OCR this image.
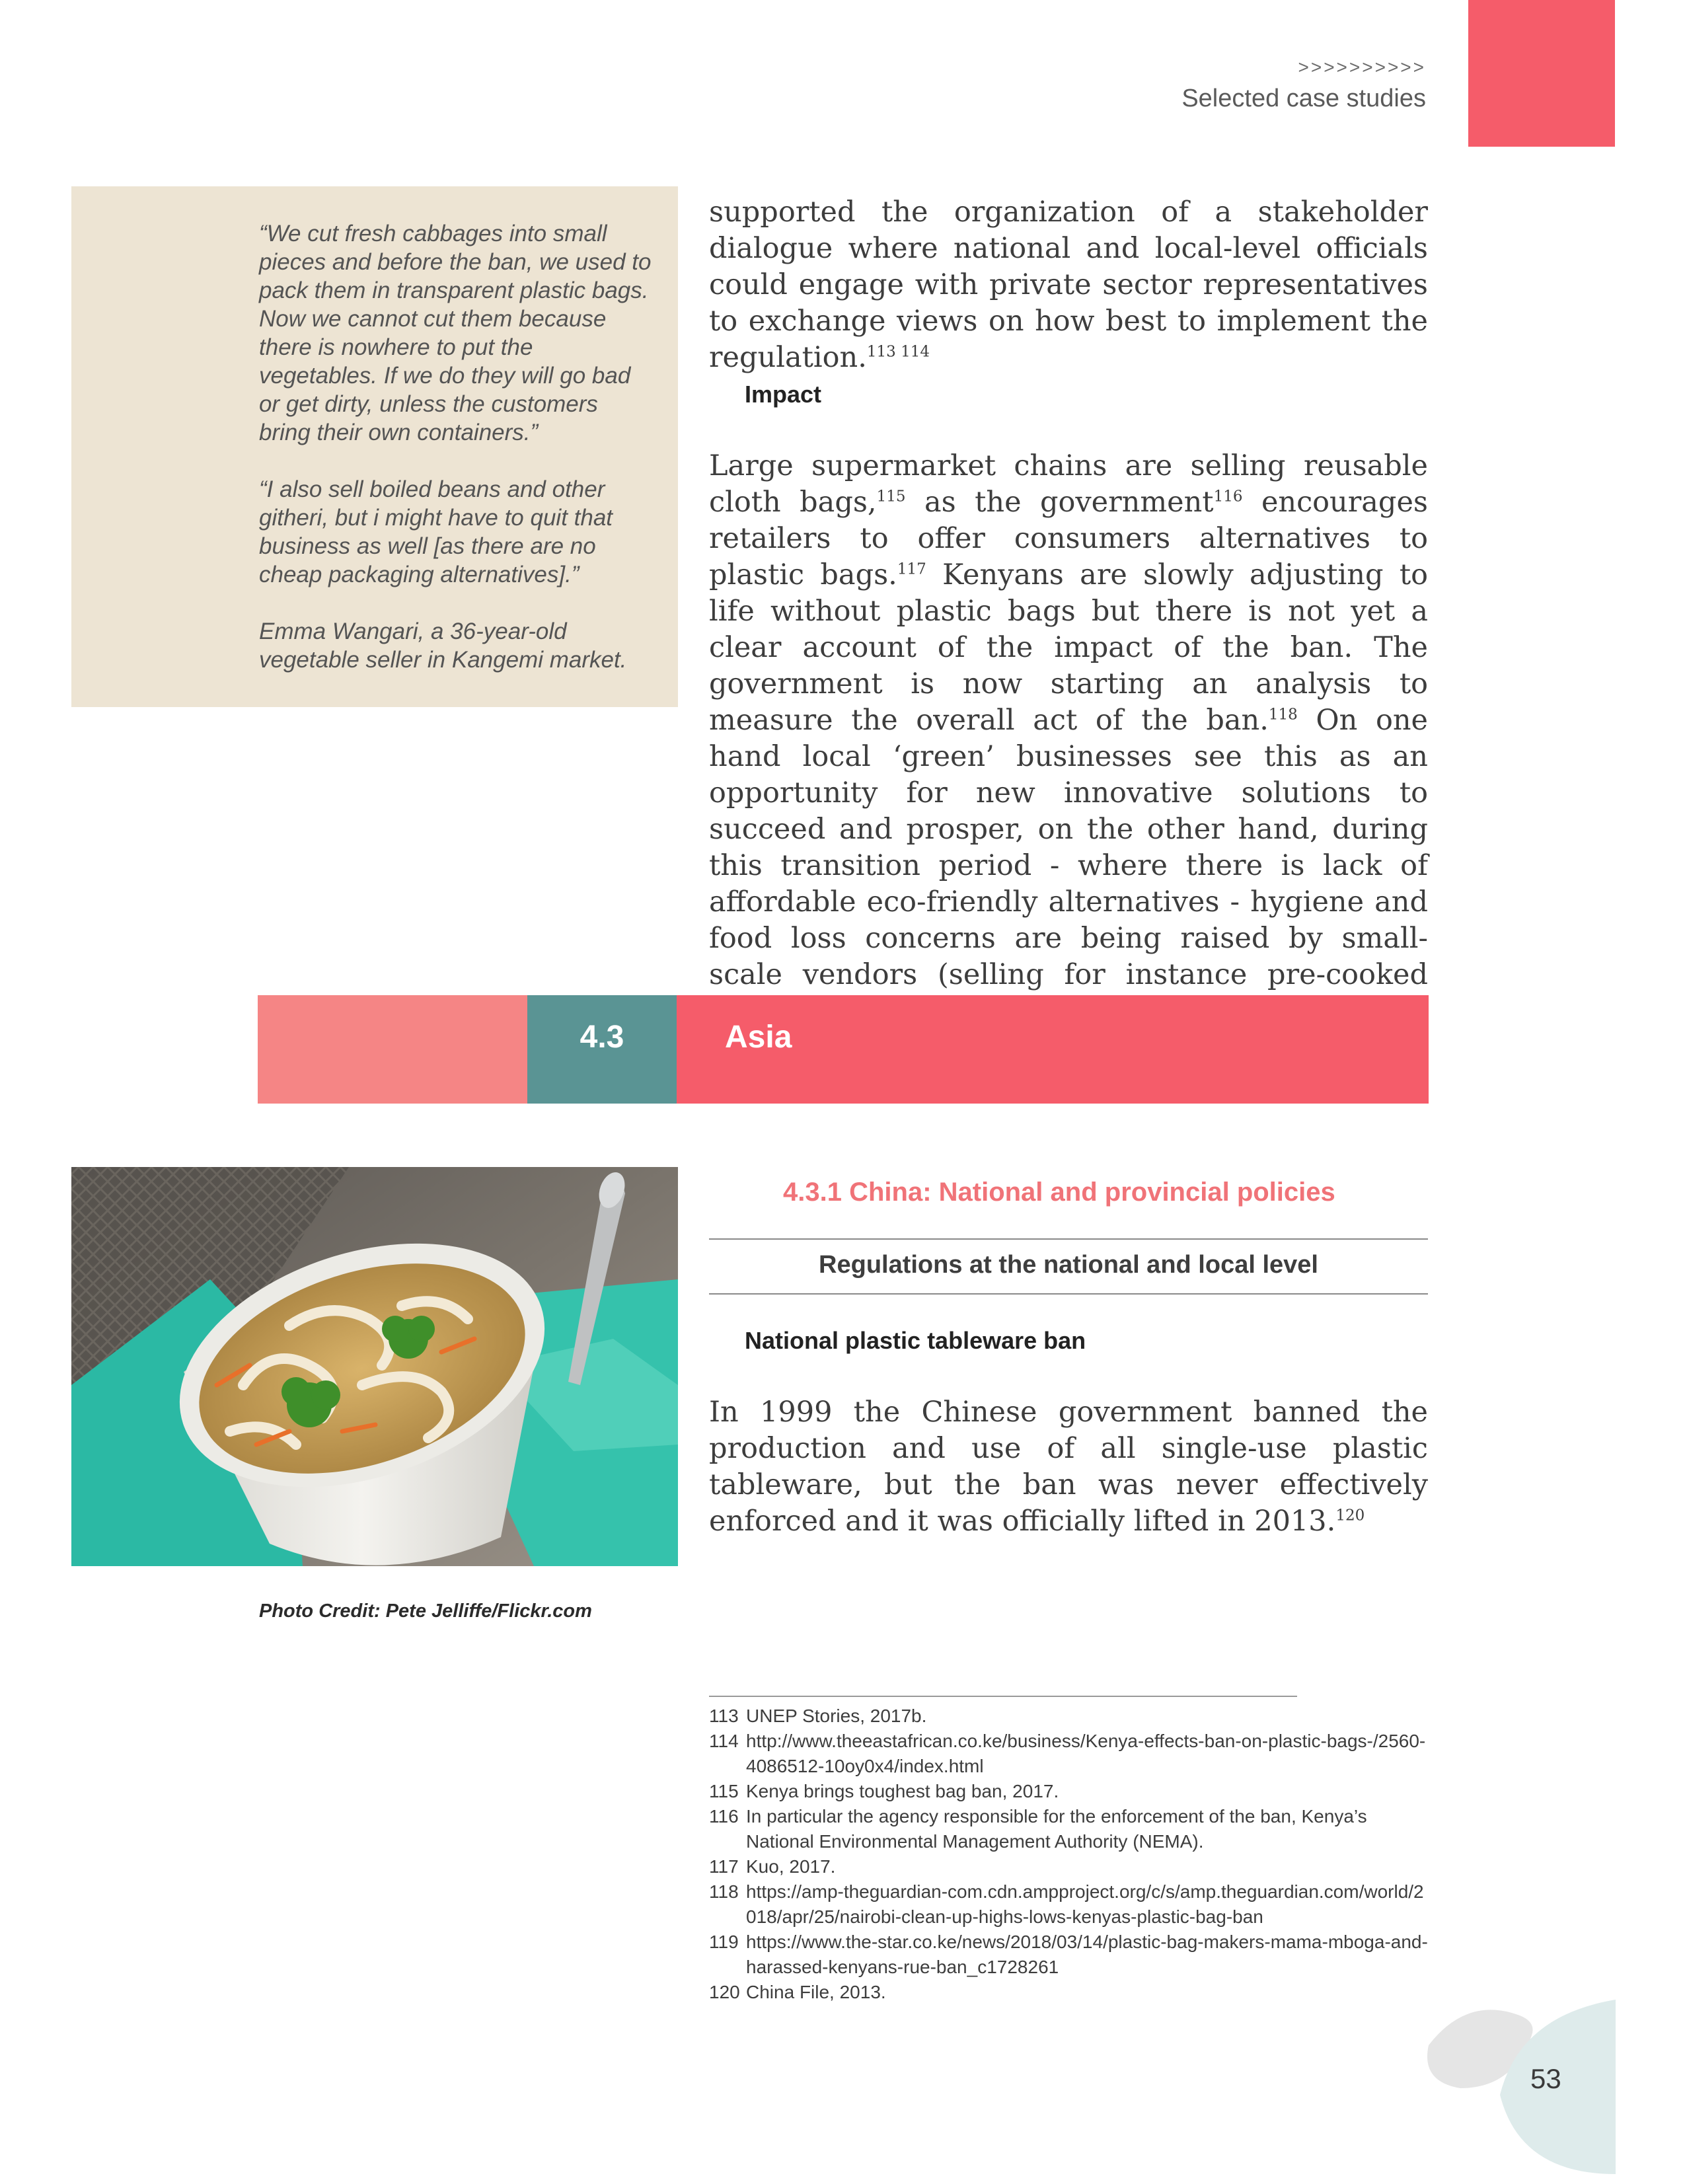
>>>>>>>>>>
Selected case studies

“We cut fresh cabbages into small pieces and before the ban, we used to pack them in transparent plastic bags. Now we cannot cut them because there is nowhere to put the vegetables. If we do they will go bad or get dirty, unless the customers bring their own containers.”

“I also sell boiled beans and other githeri, but i might have to quit that business as well [as there are no cheap packaging alternatives].”

Emma Wangari, a 36-year-old vegetable seller in Kangemi market.

supported the organization of a stakeholder dialogue where national and local-level officials could engage with private sector representatives to exchange views on how best to implement the regulation.$^{113 114}$
Impact
Large supermarket chains are selling reusable cloth bags,$^{115}$ as the government$^{116}$ encourages retailers to offer consumers alternatives to plastic bags.$^{117}$ Kenyans are slowly adjusting to life without plastic bags but there is not yet a clear account of the impact of the ban. The government is now starting an analysis to measure the overall act of the ban.$^{118}$ On one hand local ‘green’ businesses see this as an opportunity for new innovative solutions to succeed and prosper, on the other hand, during this transition period - where there is lack of affordable eco-friendly alternatives - hygiene and food loss concerns are being raised by small-scale vendors (selling for instance pre-cooked
4.3	Asia
Photo Credit: Pete Jelliffe/Flickr.com
4.3.1 China: National and provincial policies
Regulations at the national and local level
National plastic tableware ban
In 1999 the Chinese government banned the production and use of all single-use plastic tableware, but the ban was never effectively enforced and it was officially lifted in 2013.$^{120}$
113 UNEP Stories, 2017b.
114 http://www.theeastafrican.co.ke/business/Kenya-effects-ban-on-plastic-bags-/2560-4086512-10oy0x4/index.html
115 Kenya brings toughest bag ban, 2017.
116 In particular the agency responsible for the enforcement of the ban, Kenya’s National Environmental Management Authority (NEMA).
117 Kuo, 2017.
118 https://amp-theguardian-com.cdn.ampproject.org/c/s/amp.theguardian.com/world/2018/apr/25/nairobi-clean-up-highs-lows-kenyas-plastic-bag-ban
119 https://www.the-star.co.ke/news/2018/03/14/plastic-bag-makers-mama-mboga-and-harassed-kenyans-rue-ban_c1728261
120 China File, 2013.
53
